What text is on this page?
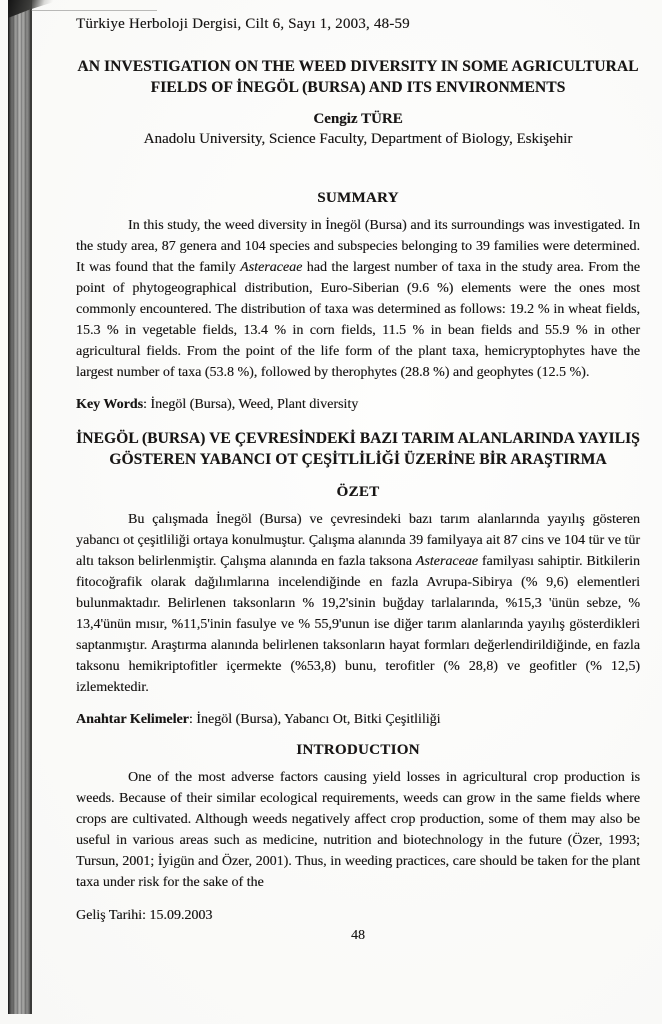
Türkiye Herboloji Dergisi, Cilt 6, Sayı 1, 2003, 48-59
AN INVESTIGATION ON THE WEED DIVERSITY IN SOME AGRICULTURAL FIELDS OF İNEGÖL (BURSA) AND ITS ENVIRONMENTS
Cengiz TÜRE
Anadolu University, Science Faculty, Department of Biology, Eskişehir
SUMMARY

In this study, the weed diversity in İnegöl (Bursa) and its surroundings was investigated. In the study area, 87 genera and 104 species and subspecies belonging to 39 families were determined. It was found that the family Asteraceae had the largest number of taxa in the study area. From the point of phytogeographical distribution, Euro-Siberian (9.6 %) elements were the ones most commonly encountered. The distribution of taxa was determined as follows: 19.2 % in wheat fields, 15.3 % in vegetable fields, 13.4 % in corn fields, 11.5 % in bean fields and 55.9 % in other agricultural fields. From the point of the life form of the plant taxa, hemicryptophytes have the largest number of taxa (53.8 %), followed by therophytes (28.8 %) and geophytes (12.5 %).

Key Words: İnegöl (Bursa), Weed, Plant diversity
İNEGÖL (BURSA) VE ÇEVRESİNDEKİ BAZI TARIM ALANLARINDA YAYILIŞ GÖSTEREN YABANCI OT ÇEŞİTLİLİĞİ ÜZERİNE BİR ARAŞTIRMA
ÖZET

Bu çalışmada İnegöl (Bursa) ve çevresindeki bazı tarım alanlarında yayılış gösteren yabancı ot çeşitliliği ortaya konulmuştur. Çalışma alanında 39 familyaya ait 87 cins ve 104 tür ve tür altı takson belirlenmiştir. Çalışma alanında en fazla taksona Asteraceae familyası sahiptir. Bitkilerin fitocoğrafik olarak dağılımlarına incelendiğinde en fazla Avrupa-Sibirya (% 9,6) elementleri bulunmaktadır. Belirlenen taksonların % 19,2'sinin buğday tarlalarında, %15,3 'ünün sebze, % 13,4'ünün mısır, %11,5'inin fasulye ve % 55,9'unun ise diğer tarım alanlarında yayılış gösterdikleri saptanmıştır. Araştırma alanında belirlenen taksonların hayat formları değerlendirildiğinde, en fazla taksonu hemikriptofitler içermekte (%53,8) bunu, terofitler (% 28,8) ve geofitler (% 12,5) izlemektedir.

Anahtar Kelimeler: İnegöl (Bursa), Yabancı Ot, Bitki Çeşitliliği
INTRODUCTION

One of the most adverse factors causing yield losses in agricultural crop production is weeds. Because of their similar ecological requirements, weeds can grow in the same fields where crops are cultivated. Although weeds negatively affect crop production, some of them may also be useful in various areas such as medicine, nutrition and biotechnology in the future (Özer, 1993; Tursun, 2001; İyigün and Özer, 2001). Thus, in weeding practices, care should be taken for the plant taxa under risk for the sake of the

Geliş Tarihi: 15.09.2003
48
